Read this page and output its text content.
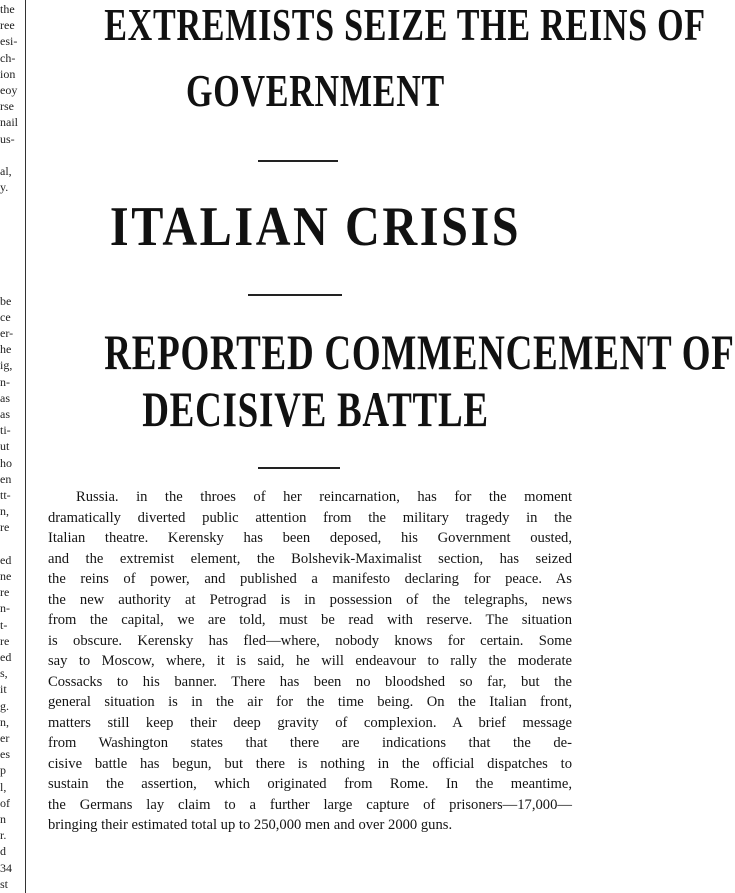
the
ree
esi-
ch-
ion
eoy
rse
nail
us-
al,
y.
be
ce
er-
he
ig,
n-
as
as
ti-
ut
ho
en
tt-
n,
re
ed
ne
re
n-
t-
re
ed
s,
it
g.
n,
er
es
p
l,
of
n
r.
d
34
st
EXTREMISTS SEIZE THE REINS OF
GOVERNMENT
ITALIAN CRISIS
REPORTED COMMENCEMENT OF
DECISIVE BATTLE
Russia. in the throes of her reincarnation, has for the moment
dramatically diverted public attention from the military tragedy in the
Italian theatre. Kerensky has been deposed, his Government ousted,
and the extremist element, the Bolshevik-Maximalist section, has seized
the reins of power, and published a manifesto declaring for peace. As
the new authority at Petrograd is in possession of the telegraphs, news
from the capital, we are told, must be read with reserve. The situation
is obscure. Kerensky has fled—where, nobody knows for certain. Some
say to Moscow, where, it is said, he will endeavour to rally the moderate
Cossacks to his banner. There has been no bloodshed so far, but the
general situation is in the air for the time being. On the Italian front,
matters still keep their deep gravity of complexion. A brief message
from Washington states that there are indications that the de-
cisive battle has begun, but there is nothing in the official dispatches to
sustain the assertion, which originated from Rome. In the meantime,
the Germans lay claim to a further large capture of prisoners—17,000—
bringing their estimated total up to 250,000 men and over 2000 guns.
